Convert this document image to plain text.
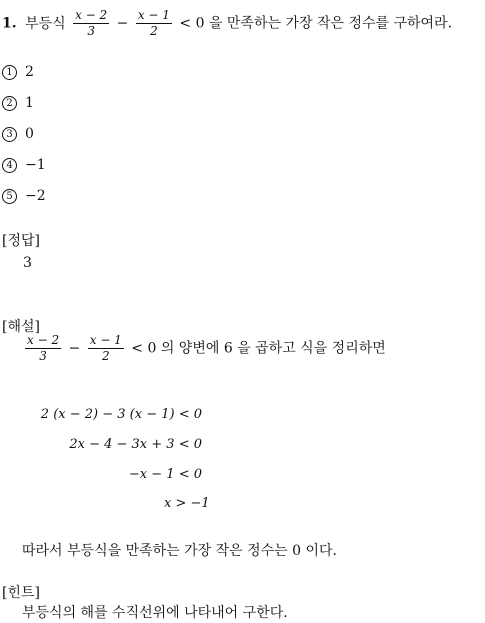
1. 부등식 $\frac{x - 2}{3} - \frac{x - 1}{2} < 0$ 을 만족하는 가장 작은 정수를 구하여라.
1 2
2 1
3 0
4 −1
5 −2
[정답]
3
[해설]
$\frac{x - 2}{3} - \frac{x - 1}{2} < 0$ 의 양변에 6 을 곱하고 식을 정리하면
2 (x − 2) − 3 (x − 1) < 0
2x − 4 − 3x + 3 < 0
−x − 1 < 0
x > −1
따라서 부등식을 만족하는 가장 작은 정수는 0 이다.
[힌트]
부등식의 해를 수직선위에 나타내어 구한다.
